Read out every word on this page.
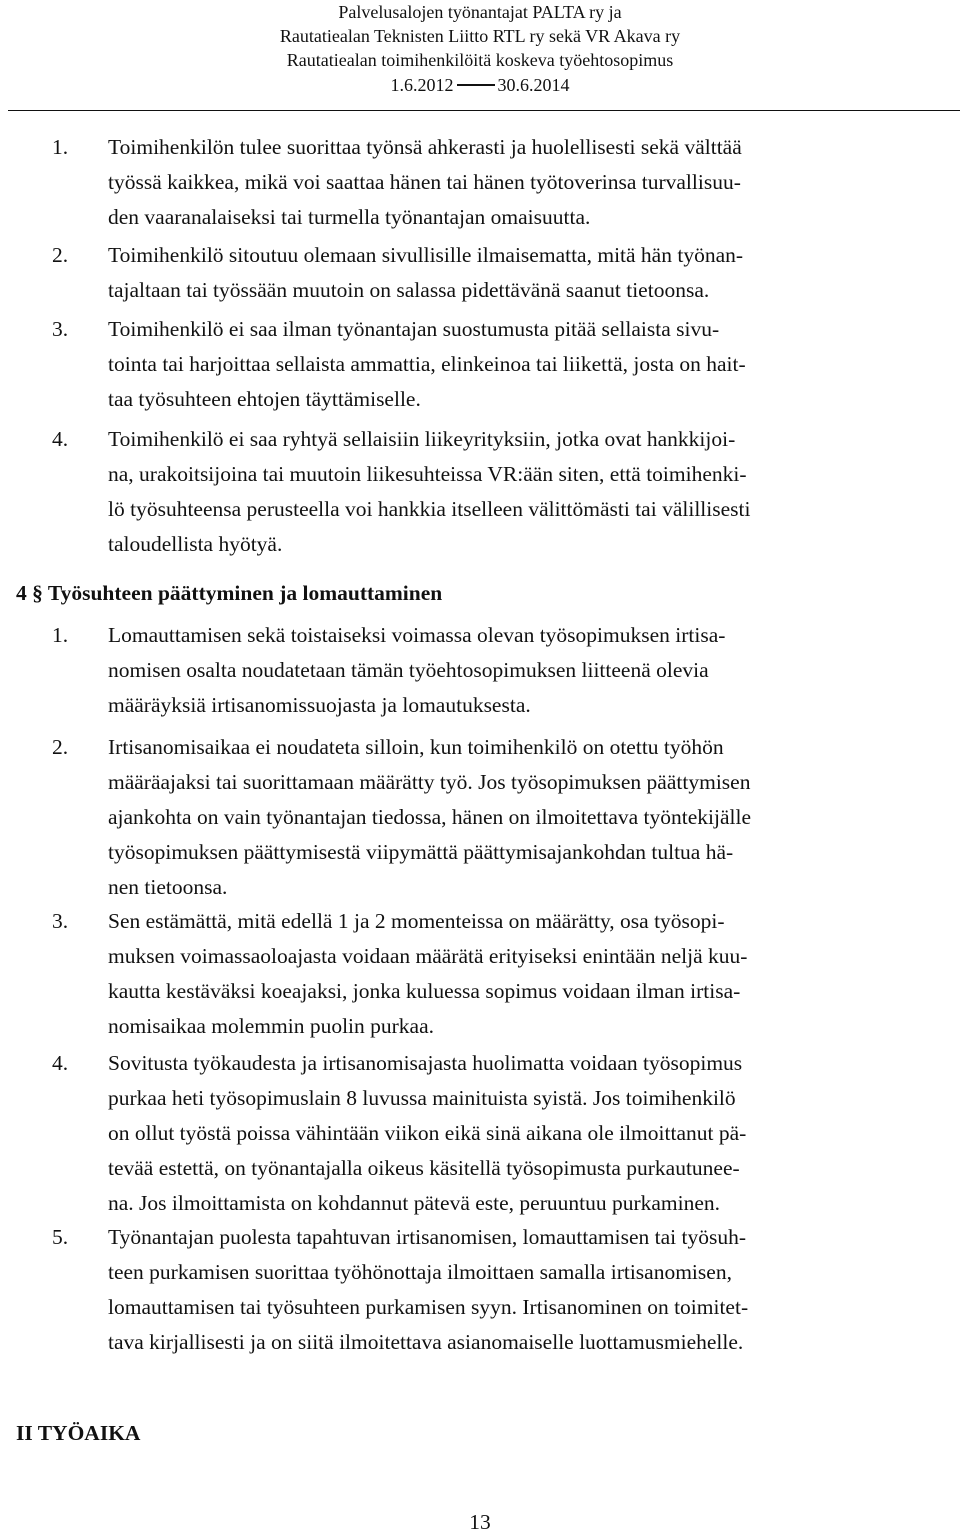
Palvelusalojen työnantajat PALTA ry ja
Rautatiealan Teknisten Liitto RTL ry sekä VR Akava ry
Rautatiealan toimihenkilöitä koskeva työehtosopimus
1.6.2012 30.6.2014
1. Toimihenkilön tulee suorittaa työnsä ahkerasti ja huolellisesti sekä välttää
työssä kaikkea, mikä voi saattaa hänen tai hänen työtoverinsa turvallisuu-
den vaaranalaiseksi tai turmella työnantajan omaisuutta.
2. Toimihenkilö sitoutuu olemaan sivullisille ilmaisematta, mitä hän työnan-
tajaltaan tai työssään muutoin on salassa pidettävänä saanut tietoonsa.
3. Toimihenkilö ei saa ilman työnantajan suostumusta pitää sellaista sivu-
tointa tai harjoittaa sellaista ammattia, elinkeinoa tai liikettä, josta on hait-
taa työsuhteen ehtojen täyttämiselle.
4. Toimihenkilö ei saa ryhtyä sellaisiin liikeyrityksiin, jotka ovat hankkijoi-
na, urakoitsijoina tai muutoin liikesuhteissa VR:ään siten, että toimihenki-
lö työsuhteensa perusteella voi hankkia itselleen välittömästi tai välillisesti
taloudellista hyötyä.
4 § Työsuhteen päättyminen ja lomauttaminen
1. Lomauttamisen sekä toistaiseksi voimassa olevan työsopimuksen irtisa-
nomisen osalta noudatetaan tämän työehtosopimuksen liitteenä olevia
määräyksiä irtisanomissuojasta ja lomautuksesta.
2. Irtisanomisaikaa ei noudateta silloin, kun toimihenkilö on otettu työhön
määräajaksi tai suorittamaan määrätty työ. Jos työsopimuksen päättymisen
ajankohta on vain työnantajan tiedossa, hänen on ilmoitettava työntekijälle
työsopimuksen päättymisestä viipymättä päättymisajankohdan tultua hä-
nen tietoonsa.
3. Sen estämättä, mitä edellä 1 ja 2 momenteissa on määrätty, osa työsopi-
muksen voimassaoloajasta voidaan määrätä erityiseksi enintään neljä kuu-
kautta kestäväksi koeajaksi, jonka kuluessa sopimus voidaan ilman irtisa-
nomisaikaa molemmin puolin purkaa.
4. Sovitusta työkaudesta ja irtisanomisajasta huolimatta voidaan työsopimus
purkaa heti työsopimuslain 8 luvussa mainituista syistä. Jos toimihenkilö
on ollut työstä poissa vähintään viikon eikä sinä aikana ole ilmoittanut pä-
tevää estettä, on työnantajalla oikeus käsitellä työsopimusta purkautunee-
na. Jos ilmoittamista on kohdannut pätevä este, peruuntuu purkaminen.
5. Työnantajan puolesta tapahtuvan irtisanomisen, lomauttamisen tai työsuh-
teen purkamisen suorittaa työhönottaja ilmoittaen samalla irtisanomisen,
lomauttamisen tai työsuhteen purkamisen syyn. Irtisanominen on toimitet-
tava kirjallisesti ja on siitä ilmoitettava asianomaiselle luottamusmiehelle.
II TYÖAIKA
13
